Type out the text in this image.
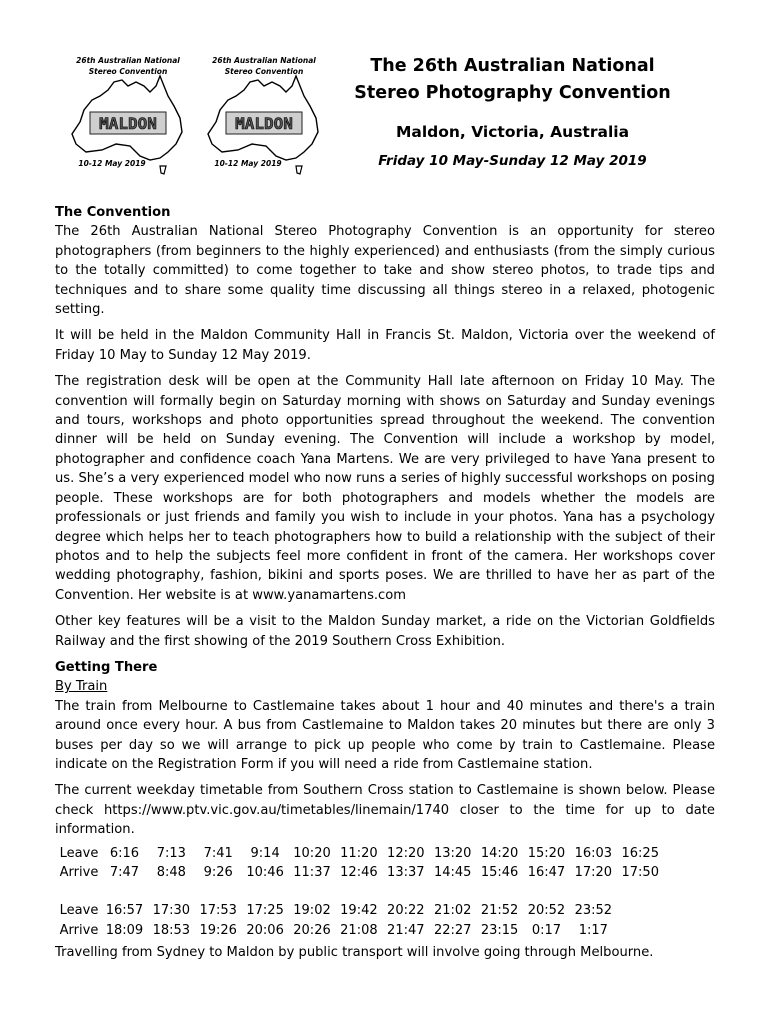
26th Australian National
Stereo Convention
MALDON
10-12 May 2019
26th Australian National
Stereo Convention
MALDON
10-12 May 2019
The 26th Australian National
Stereo Photography Convention
Maldon, Victoria, Australia
Friday 10 May-Sunday 12 May 2019
The Convention

The 26th Australian National Stereo Photography Convention is an opportunity for stereo photographers (from beginners to the highly experienced) and enthusiasts (from the simply curious to the totally committed) to come together to take and show stereo photos, to trade tips and techniques and to share some quality time discussing all things stereo in a relaxed, photogenic setting.

It will be held in the Maldon Community Hall in Francis St. Maldon, Victoria over the weekend of Friday 10 May to Sunday 12 May 2019.

The registration desk will be open at the Community Hall late afternoon on Friday 10 May. The convention will formally begin on Saturday morning with shows on Saturday and Sunday evenings and tours, workshops and photo opportunities spread throughout the weekend. The convention dinner will be held on Sunday evening. The Convention will include a workshop by model, photographer and confidence coach Yana Martens. We are very privileged to have Yana present to us. She’s a very experienced model who now runs a series of highly successful workshops on posing people. These workshops are for both photographers and models whether the models are professionals or just friends and family you wish to include in your photos. Yana has a psychology degree which helps her to teach photographers how to build a relationship with the subject of their photos and to help the subjects feel more confident in front of the camera. Her workshops cover wedding photography, fashion, bikini and sports poses. We are thrilled to have her as part of the Convention. Her website is at www.yanamartens.com

Other key features will be a visit to the Maldon Sunday market, a ride on the Victorian Goldfields Railway and the first showing of the 2019 Southern Cross Exhibition.

Getting There
By Train

The train from Melbourne to Castlemaine takes about 1 hour and 40 minutes and there's a train around once every hour. A bus from Castlemaine to Maldon takes 20 minutes but there are only 3 buses per day so we will arrange to pick up people who come by train to Castlemaine. Please indicate on the Registration Form if you will need a ride from Castlemaine station.

The current weekday timetable from Southern Cross station to Castlemaine is shown below. Please check https://www.ptv.vic.gov.au/timetables/linemain/1740 closer to the time for up to date information.

Leave	6:16	7:13	7:41	9:14	10:20	11:20	12:20	13:20	14:20	15:20	16:03	16:25
Arrive	7:47	8:48	9:26	10:46	11:37	12:46	13:37	14:45	15:46	16:47	17:20	17:50

Leave	16:57	17:30	17:53	17:25	19:02	19:42	20:22	21:02	21:52	20:52	23:52	
Arrive	18:09	18:53	19:26	20:06	20:26	21:08	21:47	22:27	23:15	0:17	1:17	

Travelling from Sydney to Maldon by public transport will involve going through Melbourne.
